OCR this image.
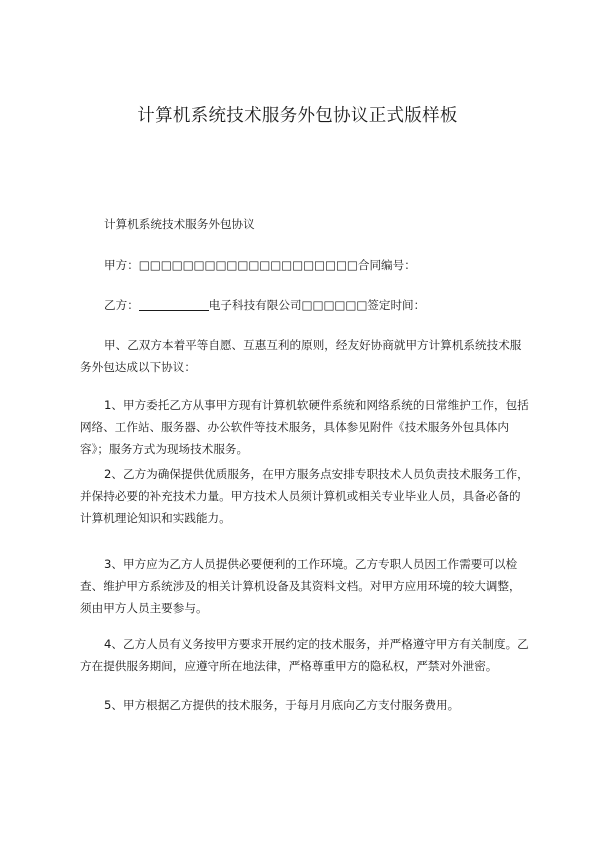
计算机系统技术服务外包协议正式版样板

计算机系统技术服务外包协议

甲方：□□□□□□□□□□□□□□□□□□□□合同编号：

乙方：	电子科技有限公司□□□□□□签定时间：

甲、乙双方本着平等自愿、互惠互利的原则，经友好协商就甲方计算机系统技术服务外包达成以下协议：

1、甲方委托乙方从事甲方现有计算机软硬件系统和网络系统的日常维护工作，包括网络、工作站、服务器、办公软件等技术服务，具体参见附件《技术服务外包具体内容》；服务方式为现场技术服务。

2、乙方为确保提供优质服务，在甲方服务点安排专职技术人员负责技术服务工作，并保持必要的补充技术力量。甲方技术人员须计算机或相关专业毕业人员，具备必备的计算机理论知识和实践能力。

3、甲方应为乙方人员提供必要便利的工作环境。乙方专职人员因工作需要可以检查、维护甲方系统涉及的相关计算机设备及其资料文档。对甲方应用环境的较大调整，须由甲方人员主要参与。

4、乙方人员有义务按甲方要求开展约定的技术服务，并严格遵守甲方有关制度。乙方在提供服务期间，应遵守所在地法律，严格尊重甲方的隐私权，严禁对外泄密。

5、甲方根据乙方提供的技术服务，于每月月底向乙方支付服务费用。
